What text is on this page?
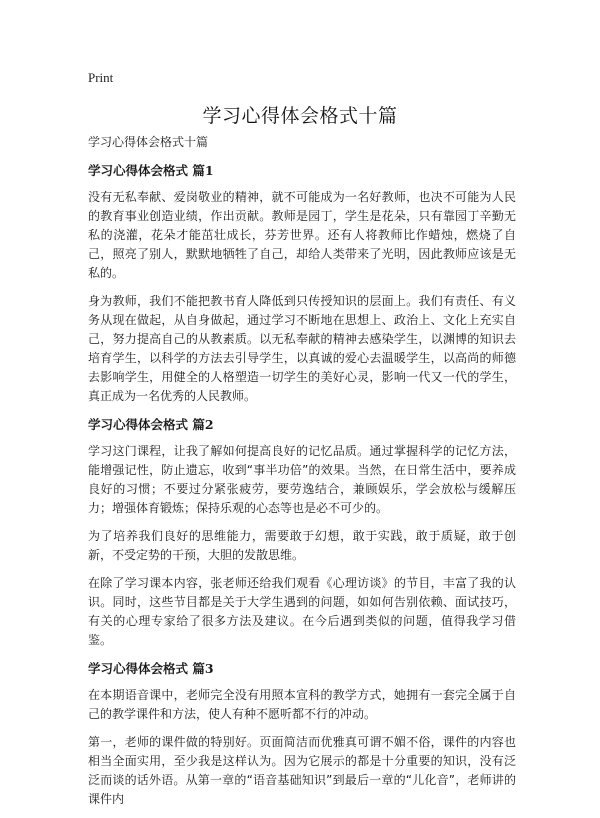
Print
学习心得体会格式十篇

学习心得体会格式十篇

学习心得体会格式 篇1

没有无私奉献、爱岗敬业的精神，就不可能成为一名好教师，也决不可能为人民的教育事业创造业绩，作出贡献。教师是园丁，学生是花朵，只有靠园丁辛勤无私的浇灌，花朵才能茁壮成长，芬芳世界。还有人将教师比作蜡烛，燃烧了自己，照亮了别人，默默地牺牲了自己，却给人类带来了光明，因此教师应该是无私的。

身为教师，我们不能把教书育人降低到只传授知识的层面上。我们有责任、有义务从现在做起，从自身做起，通过学习不断地在思想上、政治上、文化上充实自己，努力提高自己的从教素质。以无私奉献的精神去感染学生，以渊博的知识去培育学生，以科学的方法去引导学生，以真诚的爱心去温暖学生，以高尚的师德去影响学生，用健全的人格塑造一切学生的美好心灵，影响一代又一代的学生，真正成为一名优秀的人民教师。

学习心得体会格式 篇2

学习这门课程，让我了解如何提高良好的记忆品质。通过掌握科学的记忆方法，能增强记性，防止遗忘，收到“事半功倍”的效果。当然，在日常生活中，要养成良好的习惯；不要过分紧张疲劳，要劳逸结合，兼顾娱乐，学会放松与缓解压力；增强体育锻炼；保持乐观的心态等也是必不可少的。

为了培养我们良好的思维能力，需要敢于幻想，敢于实践，敢于质疑，敢于创新，不受定势的干预，大胆的发散思维。

在除了学习课本内容，张老师还给我们观看《心理访谈》的节目，丰富了我的认识。同时，这些节目都是关于大学生遇到的问题，如如何告别依赖、面试技巧，有关的心理专家给了很多方法及建议。在今后遇到类似的问题，值得我学习借鉴。

学习心得体会格式 篇3

在本期语音课中，老师完全没有用照本宣科的教学方式，她拥有一套完全属于自己的教学课件和方法，使人有种不愿听都不行的冲动。

第一，老师的课件做的特别好。页面简洁而优雅真可谓不媚不俗，课件的内容也相当全面实用，至少我是这样认为。因为它展示的都是十分重要的知识，没有泛泛而谈的话外语。从第一章的“语音基础知识”到最后一章的“儿化音”，老师讲的课件内
